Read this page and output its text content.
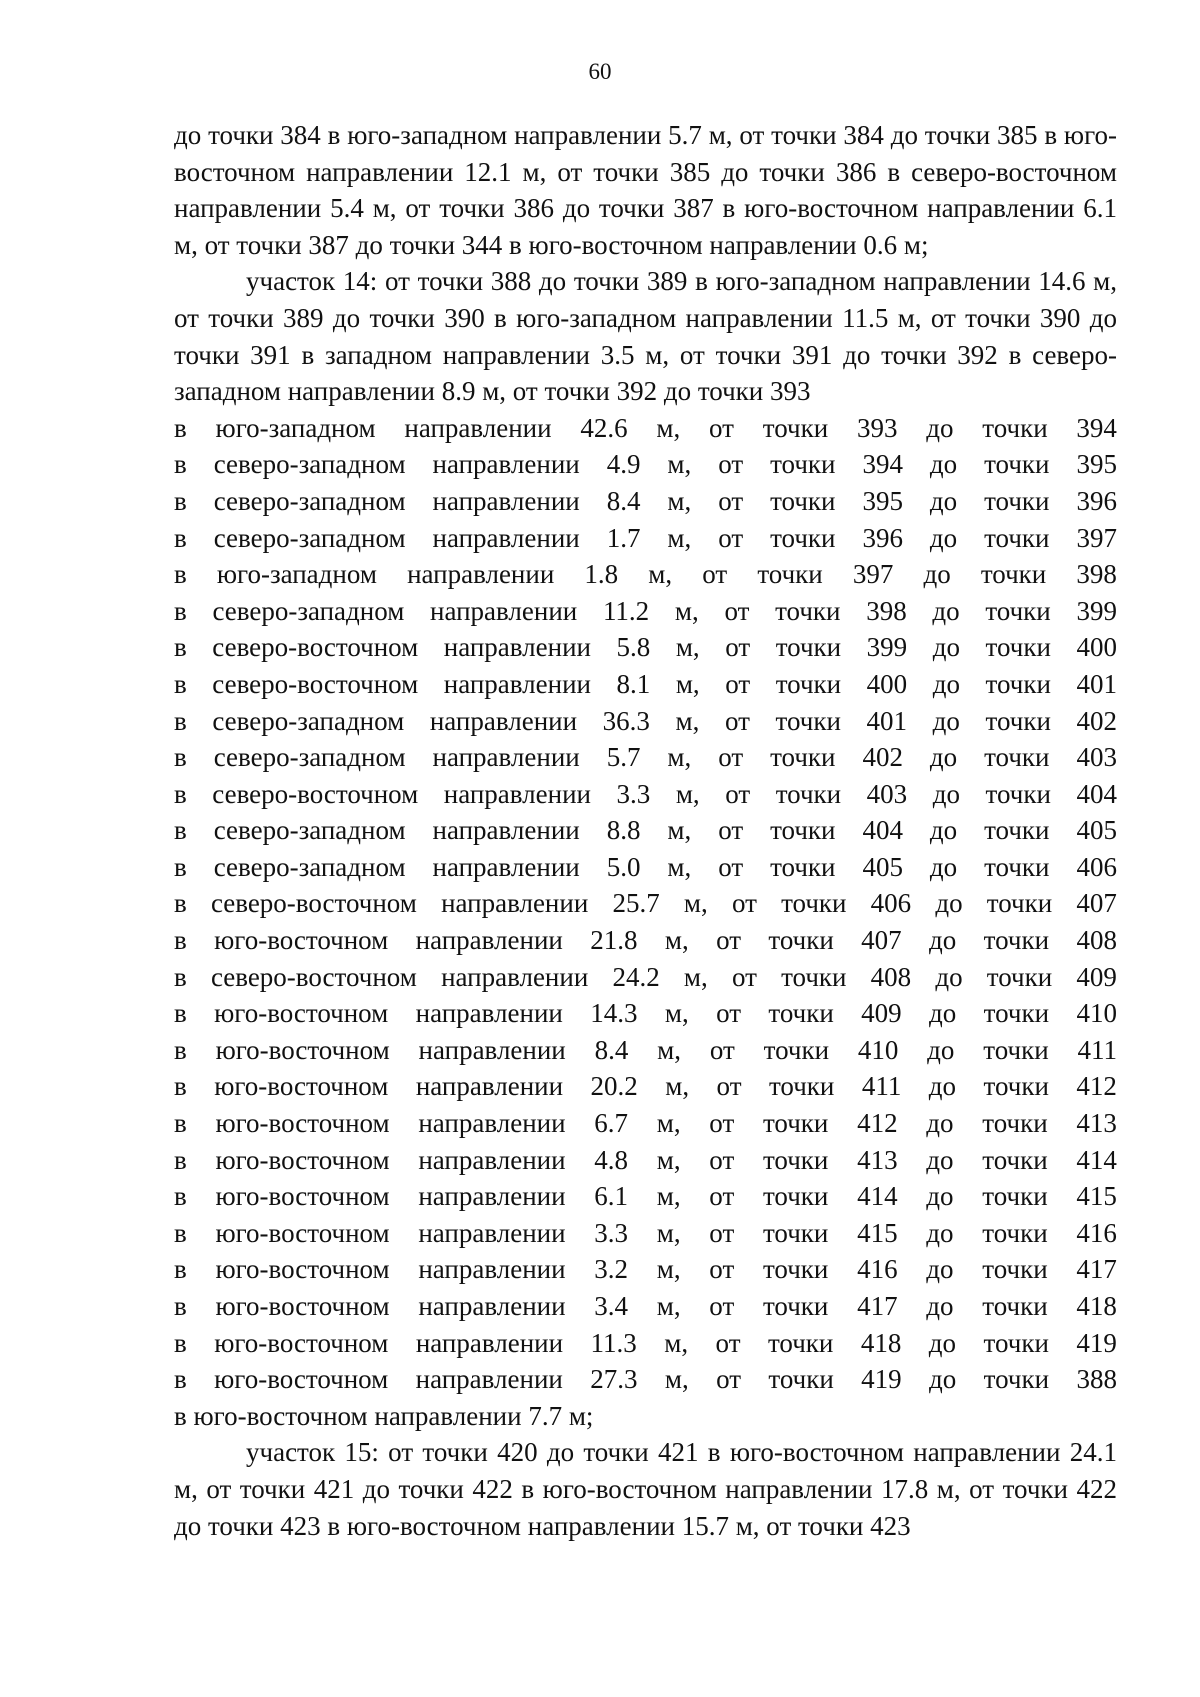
60

до точки 384 в юго-западном направлении 5.7 м, от точки 384 до точки 385 в юго-восточном направлении 12.1 м, от точки 385 до точки 386 в северо-восточном направлении 5.4 м, от точки 386 до точки 387 в юго-восточном направлении 6.1 м, от точки 387 до точки 344 в юго-восточном направлении 0.6 м;

участок 14: от точки 388 до точки 389 в юго-западном направлении 14.6 м, от точки 389 до точки 390 в юго-западном направлении 11.5 м, от точки 390 до точки 391 в западном направлении 3.5 м, от точки 391 до точки 392 в северо-западном направлении 8.9 м, от точки 392 до точки 393

в юго-западном направлении 42.6 м, от точки 393 до точки 394
в северо-западном направлении 4.9 м, от точки 394 до точки 395
в северо-западном направлении 8.4 м, от точки 395 до точки 396
в северо-западном направлении 1.7 м, от точки 396 до точки 397
в юго-западном направлении 1.8 м, от точки 397 до точки 398
в северо-западном направлении 11.2 м, от точки 398 до точки 399
в северо-восточном направлении 5.8 м, от точки 399 до точки 400
в северо-восточном направлении 8.1 м, от точки 400 до точки 401
в северо-западном направлении 36.3 м, от точки 401 до точки 402
в северо-западном направлении 5.7 м, от точки 402 до точки 403
в северо-восточном направлении 3.3 м, от точки 403 до точки 404
в северо-западном направлении 8.8 м, от точки 404 до точки 405
в северо-западном направлении 5.0 м, от точки 405 до точки 406
в северо-восточном направлении 25.7 м, от точки 406 до точки 407
в юго-восточном направлении 21.8 м, от точки 407 до точки 408
в северо-восточном направлении 24.2 м, от точки 408 до точки 409
в юго-восточном направлении 14.3 м, от точки 409 до точки 410
в юго-восточном направлении 8.4 м, от точки 410 до точки 411
в юго-восточном направлении 20.2 м, от точки 411 до точки 412
в юго-восточном направлении 6.7 м, от точки 412 до точки 413
в юго-восточном направлении 4.8 м, от точки 413 до точки 414
в юго-восточном направлении 6.1 м, от точки 414 до точки 415
в юго-восточном направлении 3.3 м, от точки 415 до точки 416
в юго-восточном направлении 3.2 м, от точки 416 до точки 417
в юго-восточном направлении 3.4 м, от точки 417 до точки 418
в юго-восточном направлении 11.3 м, от точки 418 до точки 419
в юго-восточном направлении 27.3 м, от точки 419 до точки 388

в юго-восточном направлении 7.7 м;

участок 15: от точки 420 до точки 421 в юго-восточном направлении 24.1 м, от точки 421 до точки 422 в юго-восточном направлении 17.8 м, от точки 422 до точки 423 в юго-восточном направлении 15.7 м, от точки 423
